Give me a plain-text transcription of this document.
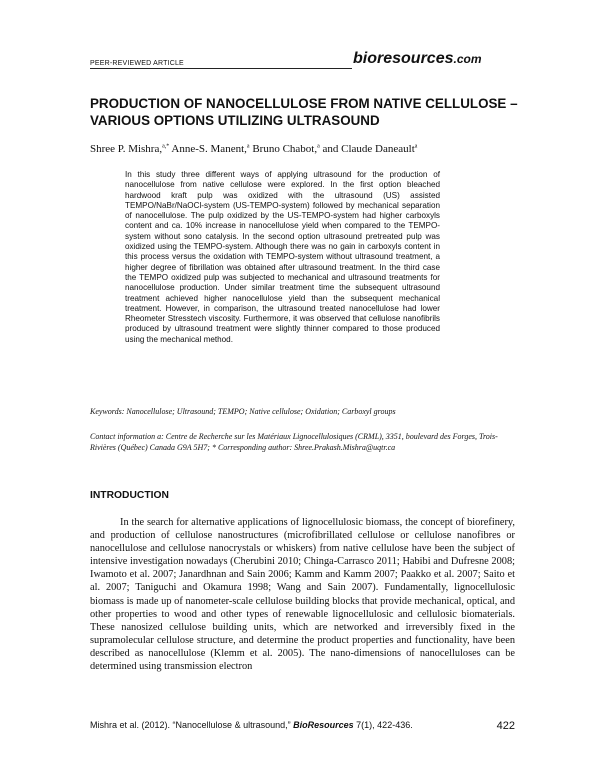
PEER-REVIEWED ARTICLE	bioresources.com
PRODUCTION OF NANOCELLULOSE FROM NATIVE CELLULOSE – VARIOUS OPTIONS UTILIZING ULTRASOUND
Shree P. Mishra,$^{a,*}$ Anne-S. Manent,$^a$ Bruno Chabot,$^a$ and Claude Daneault$^a$
In this study three different ways of applying ultrasound for the production of nanocellulose from native cellulose were explored. In the first option bleached hardwood kraft pulp was oxidized with the ultrasound (US) assisted TEMPO/NaBr/NaOCl-system (US-TEMPO-system) followed by mechanical separation of nanocellulose. The pulp oxidized by the US-TEMPO-system had higher carboxyls content and ca. 10% increase in nanocellulose yield when compared to the TEMPO-system without sono catalysis. In the second option ultrasound pretreated pulp was oxidized using the TEMPO-system. Although there was no gain in carboxyls content in this process versus the oxidation with TEMPO-system without ultrasound treatment, a higher degree of fibrillation was obtained after ultrasound treatment. In the third case the TEMPO oxidized pulp was subjected to mechanical and ultrasound treatments for nanocellulose production. Under similar treatment time the subsequent ultrasound treatment achieved higher nanocellulose yield than the subsequent mechanical treatment. However, in comparison, the ultrasound treated nanocellulose had lower Rheometer Stresstech viscosity. Furthermore, it was observed that cellulose nanofibrils produced by ultrasound treatment were slightly thinner compared to those produced using the mechanical method.
Keywords: Nanocellulose; Ultrasound; TEMPO; Native cellulose; Oxidation; Carboxyl groups
Contact information a: Centre de Recherche sur les Matériaux Lignocellulosiques (CRML), 3351, boulevard des Forges, Trois-Rivières (Québec) Canada G9A 5H7; * Corresponding author: Shree.Prakash.Mishra@uqtr.ca
INTRODUCTION
In the search for alternative applications of lignocellulosic biomass, the concept of biorefinery, and production of cellulose nanostructures (microfibrillated cellulose or cellulose nanofibres or nanocellulose and cellulose nanocrystals or whiskers) from native cellulose have been the subject of intensive investigation nowadays (Cherubini 2010; Chinga-Carrasco 2011; Habibi and Dufresne 2008; Iwamoto et al. 2007; Janardhnan and Sain 2006; Kamm and Kamm 2007; Paakko et al. 2007; Saito et al. 2007; Taniguchi and Okamura 1998; Wang and Sain 2007). Fundamentally, lignocellulosic biomass is made up of nanometer-scale cellulose building blocks that provide mechanical, optical, and other properties to wood and other types of renewable lignocellulosic and cellulosic biomaterials. These nanosized cellulose building units, which are networked and irreversibly fixed in the supramolecular cellulose structure, and determine the product properties and functionality, have been described as nanocellulose (Klemm et al. 2005). The nano-dimensions of nanocelluloses can be determined using transmission electron
Mishra et al. (2012). “Nanocellulose & ultrasound,” BioResources 7(1), 422-436.	422
